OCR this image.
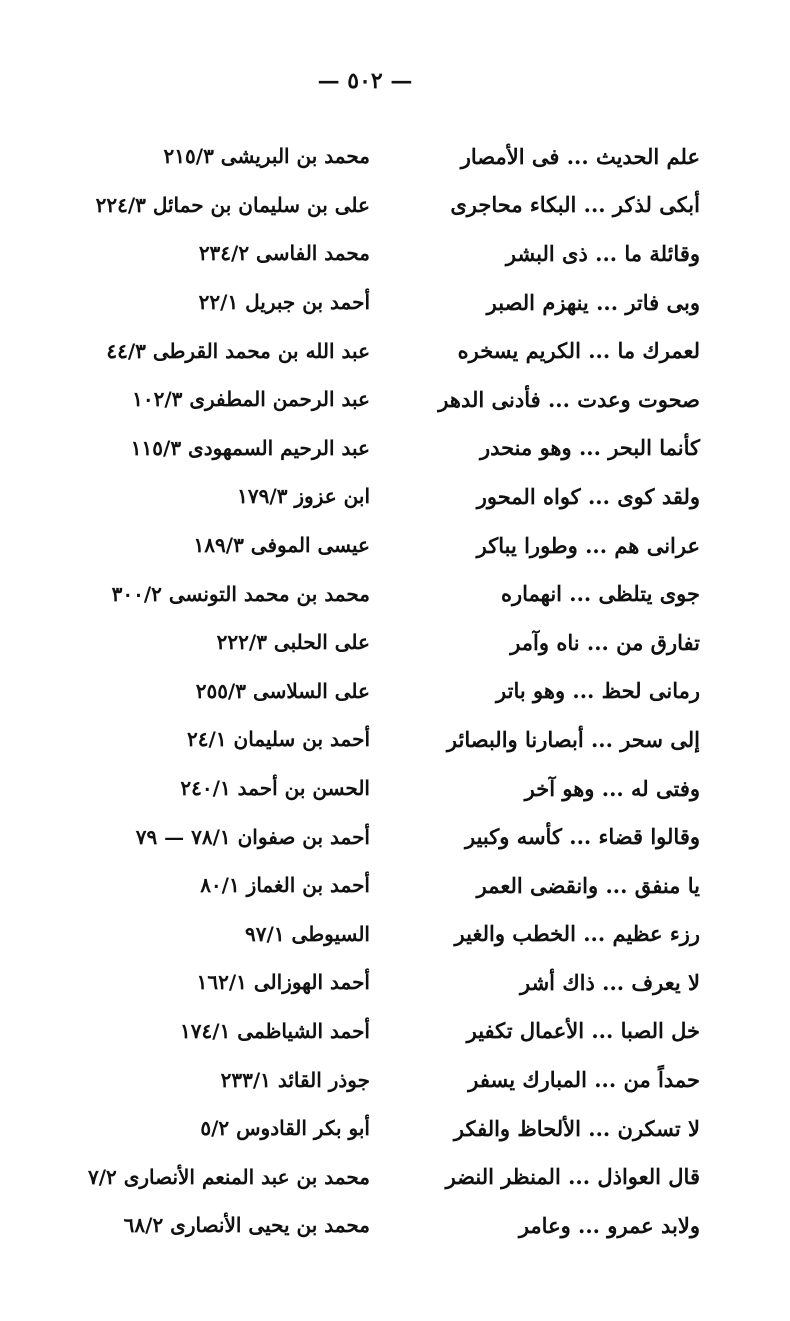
— ٥٠٢ —
علم الحديث ... فى الأمصار
محمد بن البريشى ٢١٥/٣
أبكى لذكر ... البكاء محاجرى
على بن سليمان بن حمائل ٢٢٤/٣
وقائلة ما ... ذى البشر
محمد الفاسى ٢٣٤/٢
وبى فاتر ... ينهزم الصبر
أحمد بن جبريل ٢٢/١
لعمرك ما ... الكريم يسخره
عبد الله بن محمد القرطى ٤٤/٣
صحوت وعدت ... فأدنى الدهر
عبد الرحمن المطفرى ١٠٢/٣
كأنما البحر ... وهو منحدر
عبد الرحيم السمهودى ١١٥/٣
ولقد كوى ... كواه المحور
ابن عزوز ١٧٩/٣
عرانى هم ... وطورا يباكر
عيسى الموفى ١٨٩/٣
جوى يتلظى ... انهماره
محمد بن محمد التونسى ٣٠٠/٢
تفارق من ... ناه وآمر
على الحلبى ٢٢٢/٣
رمانى لحظ ... وهو باتر
على السلاسى ٢٥٥/٣
إلى سحر ... أبصارنا والبصائر
أحمد بن سليمان ٢٤/١
وفتى له ... وهو آخر
الحسن بن أحمد ٢٤٠/١
وقالوا قضاء ... كأسه وكبير
أحمد بن صفوان ٧٨/١ — ٧٩
يا منفق ... وانقضى العمر
أحمد بن الغماز ٨٠/١
رزء عظيم ... الخطب والغير
السيوطى ٩٧/١
لا يعرف ... ذاك أشر
أحمد الهوزالى ١٦٢/١
خل الصبا ... الأعمال تكفير
أحمد الشياظمى ١٧٤/١
حمداً من ... المبارك يسفر
جوذر القائد ٢٣٣/١
لا تسكرن ... الألحاظ والفكر
أبو بكر القادوس ٥/٢
قال العواذل ... المنظر النضر
محمد بن عبد المنعم الأنصارى ٧/٢
ولابد عمرو ... وعامر
محمد بن يحيى الأنصارى ٦٨/٢
